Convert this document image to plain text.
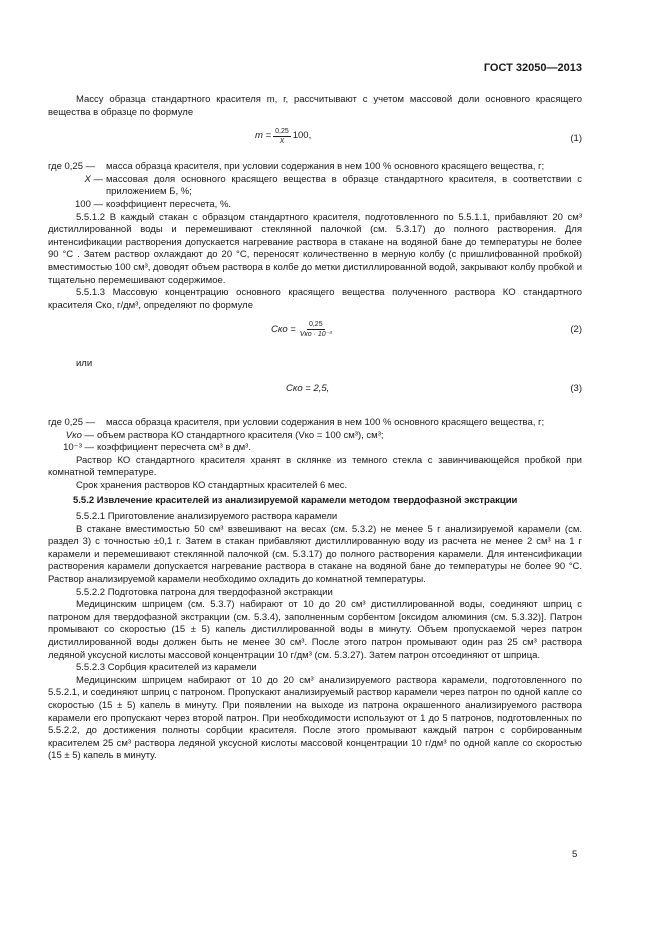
ГОСТ 32050—2013

Массу образца стандартного красителя m, г, рассчитывают с учетом массовой доли основного красящего вещества в образце по формуле

$m = \frac{0,25}{X} 100$,	(1)
где 0,25 —	масса образца красителя, при условии содержания в нем 100 % основного красящего вещества, г;
X — массовая доля основного красящего вещества в образце стандартного красителя, в соответствии с приложением Б, %;
100 — коэффициент пересчета, %.

5.5.1.2 В каждый стакан с образцом стандартного красителя, подготовленного по 5.5.1.1, прибавляют 20 см³ дистиллированной воды и перемешивают стеклянной палочкой (см. 5.3.17) до полного растворения. Для интенсификации растворения допускается нагревание раствора в стакане на водяной бане до температуры не более 90 °С . Затем раствор охлаждают до 20 °С, переносят количественно в мерную колбу (с пришлифованной пробкой) вместимостью 100 см³, доводят объем раствора в колбе до метки дистиллированной водой, закрывают колбу пробкой и тщательно перемешивают содержимое.

5.5.1.3 Массовую концентрацию основного красящего вещества полученного раствора КО стандартного красителя Cко, г/дм³, определяют по формуле

Cко = $\frac{0,25}{\text{Vко · 10⁻³}}$	(2)

или

Cко = 2,5,	(3)
где 0,25 —	масса образца красителя, при условии содержания в нем 100 % основного красящего вещества, г;
Vко — объем раствора КО стандартного красителя (Vко = 100 см³), см³;
10⁻³ — коэффициент пересчета см³ в дм³.

Раствор КО стандартного красителя хранят в склянке из темного стекла с завинчивающейся пробкой при комнатной температуре.

Срок хранения растворов КО стандартных красителей 6 мес.

5.5.2 Извлечение красителей из анализируемой карамели методом твердофазной экстракции

5.5.2.1 Приготовление анализируемого раствора карамели

В стакане вместимостью 50 см³ взвешивают на весах (см. 5.3.2) не менее 5 г анализируемой карамели (см. раздел 3) с точностью ±0,1 г. Затем в стакан прибавляют дистиллированную воду из расчета не менее 2 см³ на 1 г карамели и перемешивают стеклянной палочкой (см. 5.3.17) до полного растворения карамели. Для интенсификации растворения карамели допускается нагревание раствора в стакане на водяной бане до температуры не более 90 °С. Раствор анализируемой карамели необходимо охладить до комнатной температуры.

5.5.2.2 Подготовка патрона для твердофазной экстракции

Медицинским шприцем (см. 5.3.7) набирают от 10 до 20 см³ дистиллированной воды, соединяют шприц с патроном для твердофазной экстракции (см. 5.3.4), заполненным сорбентом [оксидом алюминия (см. 5.3.32)]. Патрон промывают со скоростью (15 ± 5) капель дистиллированной воды в минуту. Объем пропускаемой через патрон дистиллированной воды должен быть не менее 30 см³. После этого патрон промывают один раз 25 см³ раствора ледяной уксусной кислоты массовой концентрации 10 г/дм³ (см. 5.3.27). Затем патрон отсоединяют от шприца.

5.5.2.3 Сорбция красителей из карамели

Медицинским шприцем набирают от 10 до 20 см³ анализируемого раствора карамели, подготовленного по 5.5.2.1, и соединяют шприц с патроном. Пропускают анализируемый раствор карамели через патрон по одной капле со скоростью (15 ± 5) капель в минуту. При появлении на выходе из патрона окрашенного анализируемого раствора карамели его пропускают через второй патрон. При необходимости используют от 1 до 5 патронов, подготовленных по 5.5.2.2, до достижения полноты сорбции красителя. После этого промывают каждый патрон с сорбированным красителем 25 см³ раствора ледяной уксусной кислоты массовой концентрации 10 г/дм³ по одной капле со скоростью (15 ± 5) капель в минуту.

5
